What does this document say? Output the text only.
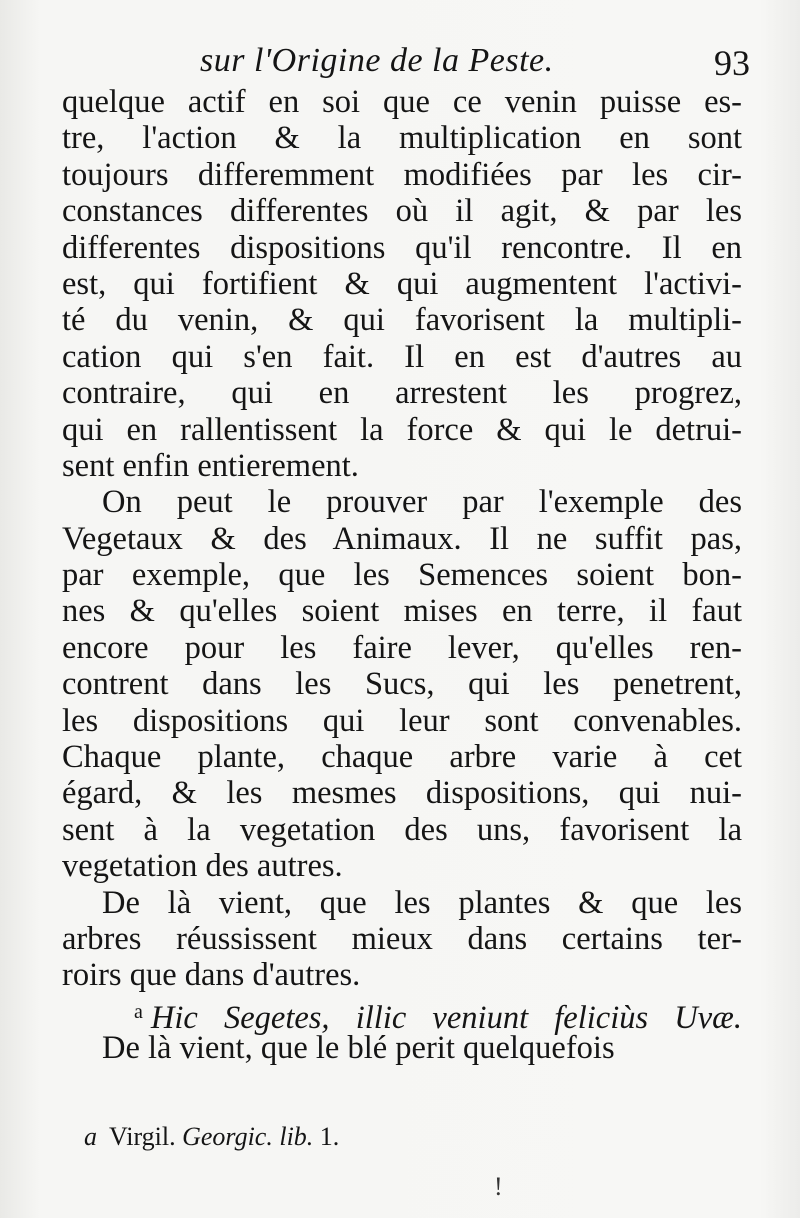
sur l'Origine de la Peste.	93
quelque actif en soi que ce venin puisse es-
tre, l'action & la multiplication en sont
toujours differemment modifiées par les cir-
constances differentes où il agit, & par les
differentes dispositions qu'il rencontre. Il en
est, qui fortifient & qui augmentent l'activi-
té du venin, & qui favorisent la multipli-
cation qui s'en fait. Il en est d'autres au
contraire, qui en arrestent les progrez,
qui en rallentissent la force & qui le detrui-
sent enfin entierement.
On peut le prouver par l'exemple des
Vegetaux & des Animaux. Il ne suffit pas,
par exemple, que les Semences soient bon-
nes & qu'elles soient mises en terre, il faut
encore pour les faire lever, qu'elles ren-
contrent dans les Sucs, qui les penetrent,
les dispositions qui leur sont convenables.
Chaque plante, chaque arbre varie à cet
égard, & les mesmes dispositions, qui nui-
sent à la vegetation des uns, favorisent la
vegetation des autres.
De là vient, que les plantes & que les
arbres réussissent mieux dans certains ter-
roirs que dans d'autres.
$^a$ Hic Segetes, illic veniunt feliciùs Uvæ.
De là vient, que le blé perit quelquefois
a Virgil. Georgic. lib. 1.
!
